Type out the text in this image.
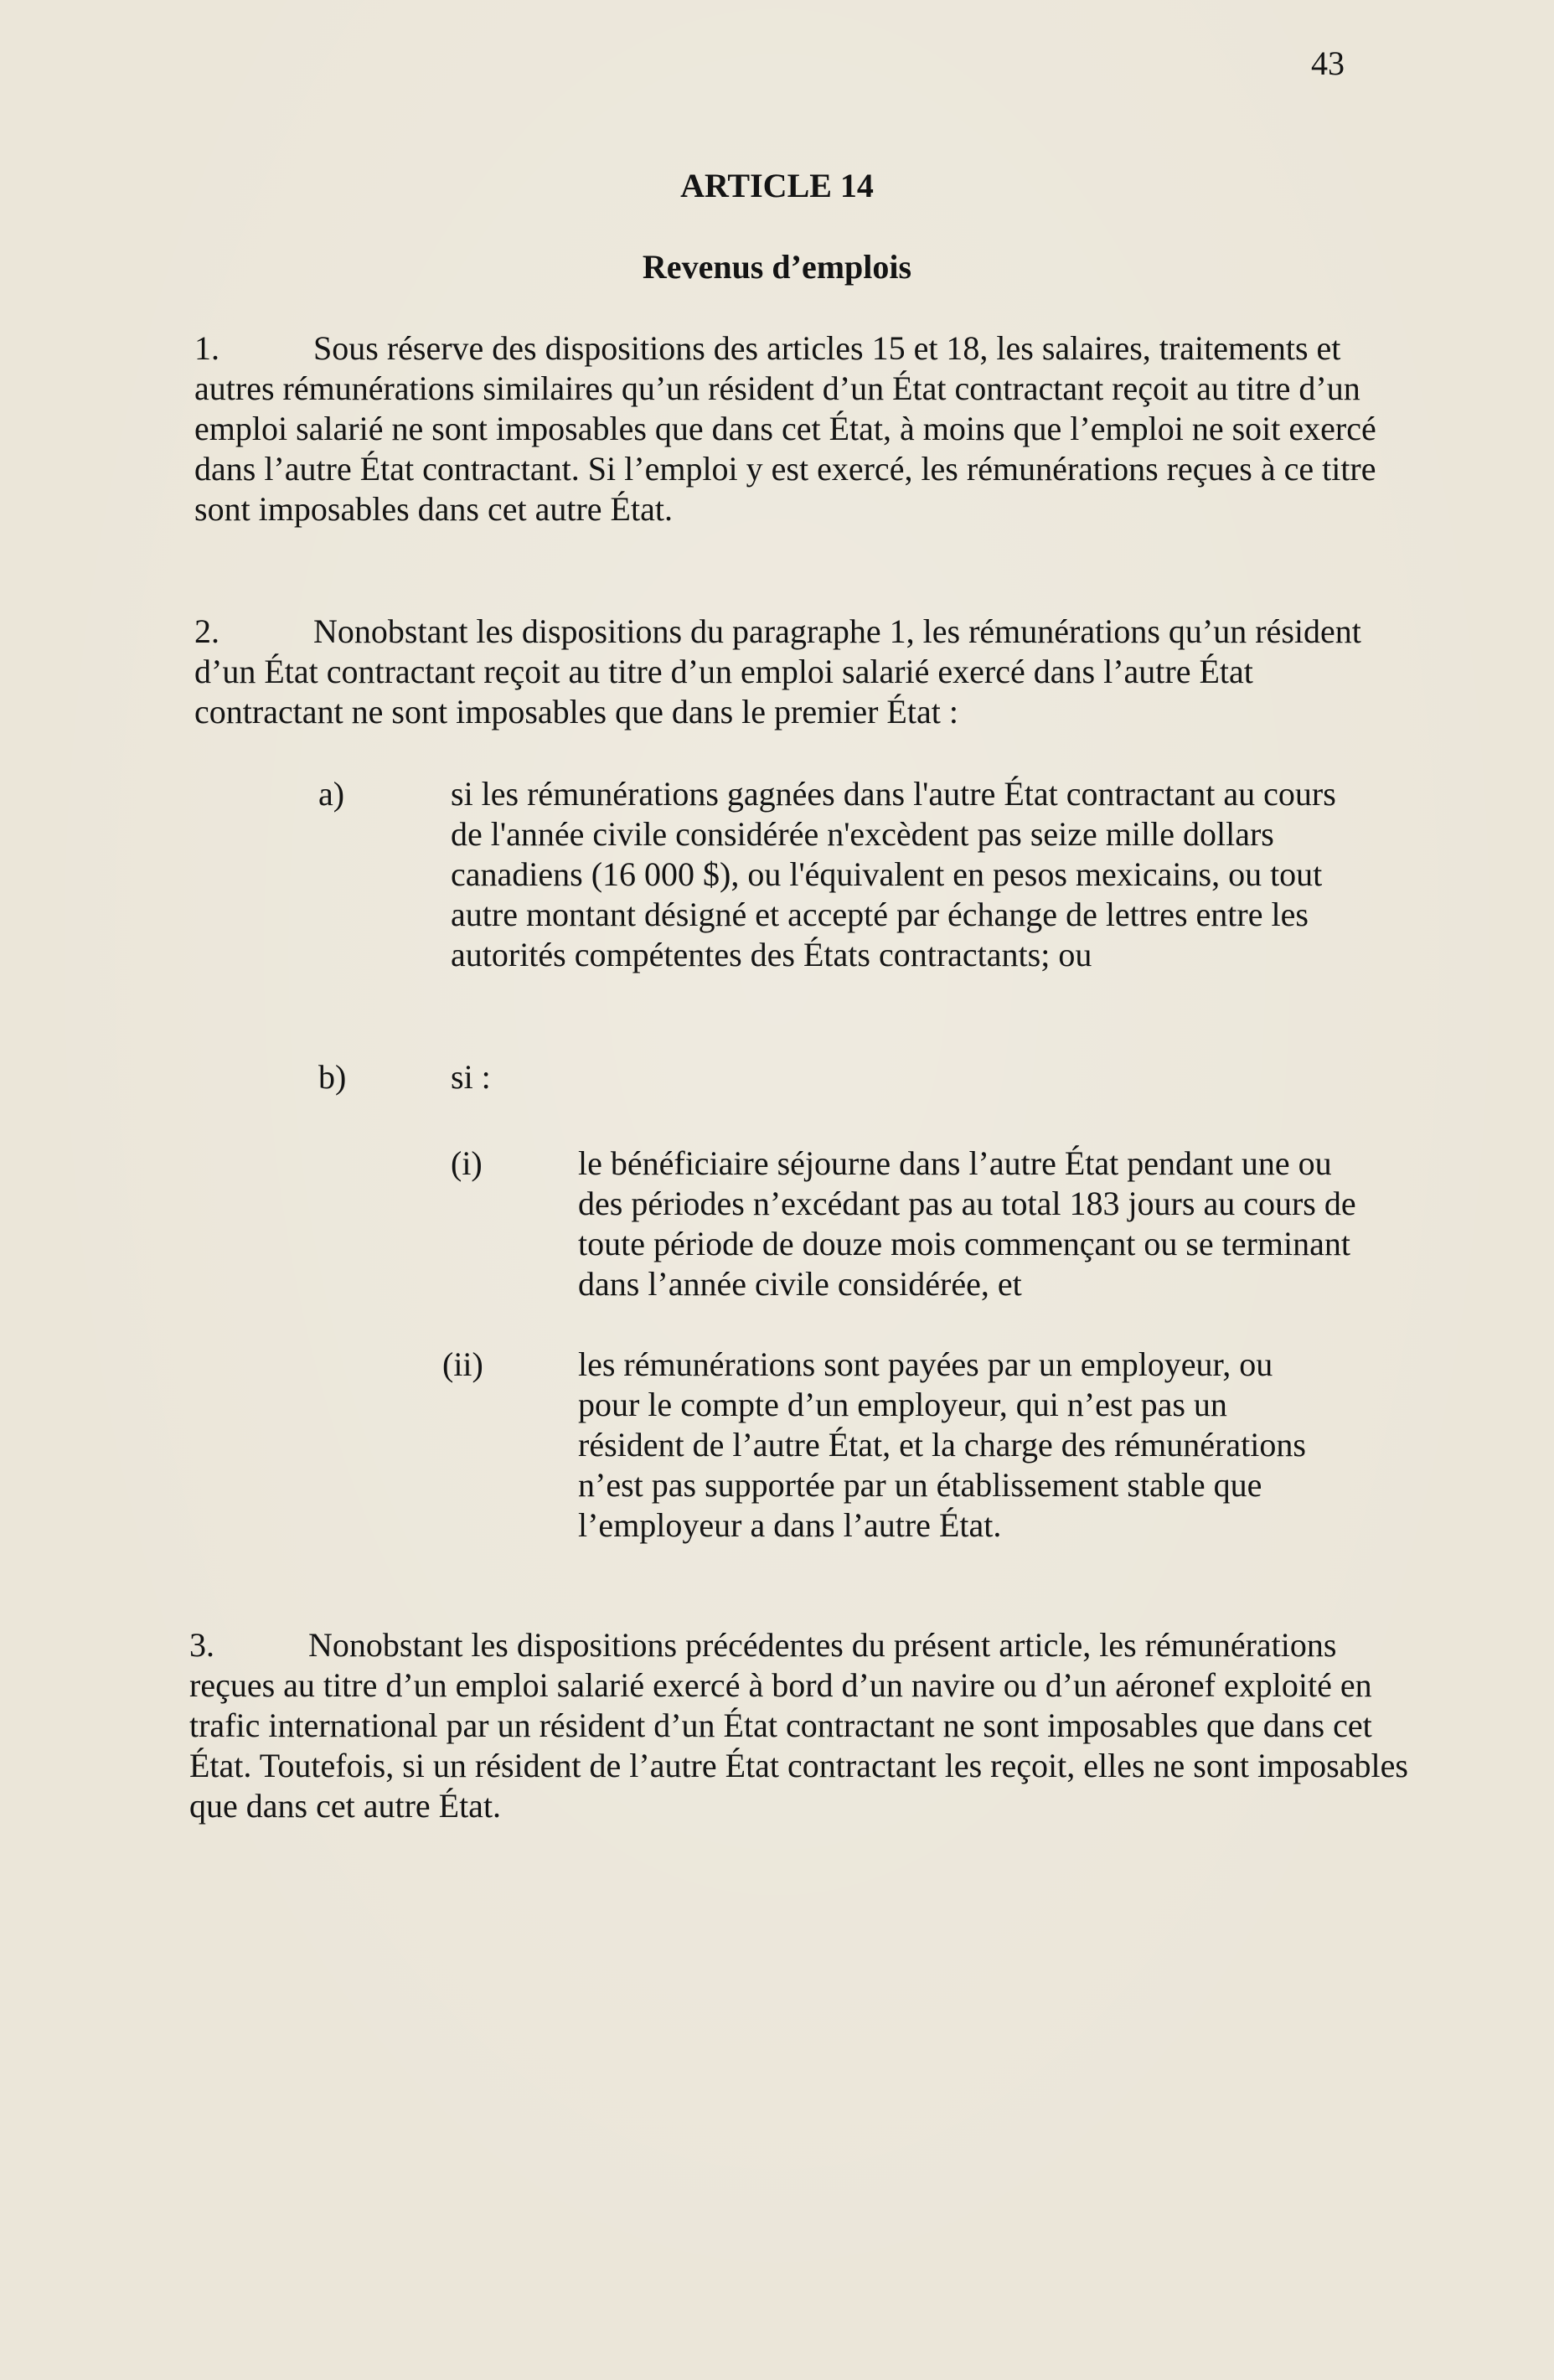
43
ARTICLE 14
Revenus d’emplois

1.	Sous réserve des dispositions des articles 15 et 18, les salaires, traitements et autres rémunérations similaires qu’un résident d’un État contractant reçoit au titre d’un emploi salarié ne sont imposables que dans cet État, à moins que l’emploi ne soit exercé dans l’autre État contractant. Si l’emploi y est exercé, les rémunérations reçues à ce titre sont imposables dans cet autre État.

2.	Nonobstant les dispositions du paragraphe 1, les rémunérations qu’un résident d’un État contractant reçoit au titre d’un emploi salarié exercé dans l’autre État contractant ne sont imposables que dans le premier État :

a)	si les rémunérations gagnées dans l'autre État contractant au cours de l'année civile considérée n'excèdent pas seize mille dollars canadiens (16 000 $), ou l'équivalent en pesos mexicains, ou tout autre montant désigné et accepté par échange de lettres entre les autorités compétentes des États contractants; ou

b)	si :

(i)	le bénéficiaire séjourne dans l’autre État pendant une ou des périodes n’excédant pas au total 183 jours au cours de toute période de douze mois commençant ou se terminant dans l’année civile considérée, et

(ii)	les rémunérations sont payées par un employeur, ou pour le compte d’un employeur, qui n’est pas un résident de l’autre État, et la charge des rémunérations n’est pas supportée par un établissement stable que l’employeur a dans l’autre État.

3.	Nonobstant les dispositions précédentes du présent article, les rémunérations reçues au titre d’un emploi salarié exercé à bord d’un navire ou d’un aéronef exploité en trafic international par un résident d’un État contractant ne sont imposables que dans cet État. Toutefois, si un résident de l’autre État contractant les reçoit, elles ne sont imposables que dans cet autre État.
